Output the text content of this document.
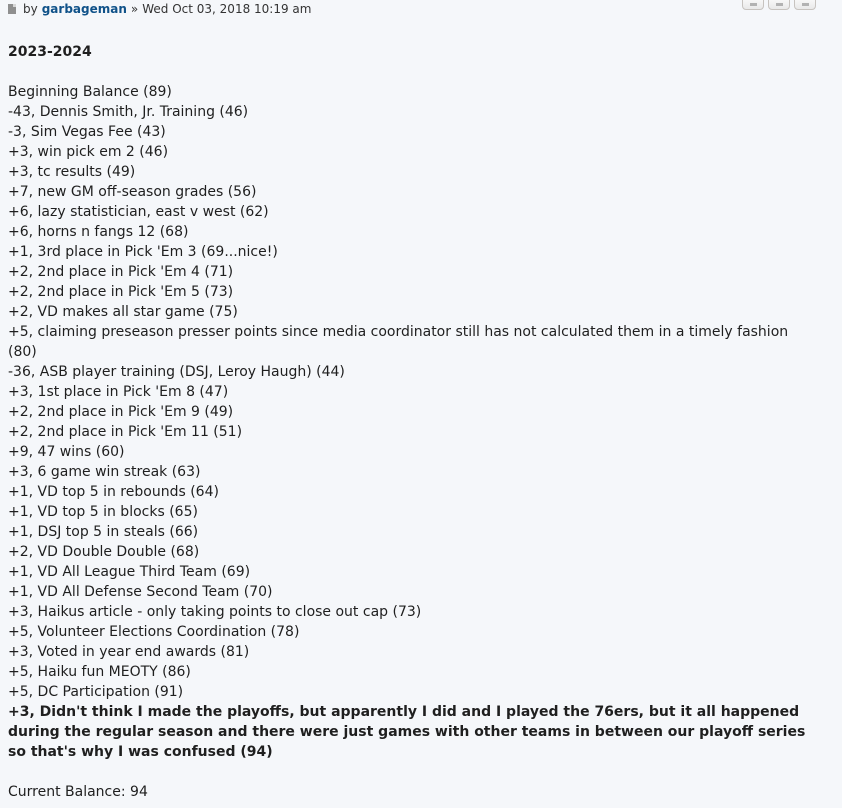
by garbageman » Wed Oct 03, 2018 10:19 am
2023-2024
Beginning Balance (89)
-43, Dennis Smith, Jr. Training (46)
-3, Sim Vegas Fee (43)
+3, win pick em 2 (46)
+3, tc results (49)
+7, new GM off-season grades (56)
+6, lazy statistician, east v west (62)
+6, horns n fangs 12 (68)
+1, 3rd place in Pick 'Em 3 (69...nice!)
+2, 2nd place in Pick 'Em 4 (71)
+2, 2nd place in Pick 'Em 5 (73)
+2, VD makes all star game (75)
+5, claiming preseason presser points since media coordinator still has not calculated them in a timely fashion (80)
-36, ASB player training (DSJ, Leroy Haugh) (44)
+3, 1st place in Pick 'Em 8 (47)
+2, 2nd place in Pick 'Em 9 (49)
+2, 2nd place in Pick 'Em 11 (51)
+9, 47 wins (60)
+3, 6 game win streak (63)
+1, VD top 5 in rebounds (64)
+1, VD top 5 in blocks (65)
+1, DSJ top 5 in steals (66)
+2, VD Double Double (68)
+1, VD All League Third Team (69)
+1, VD All Defense Second Team (70)
+3, Haikus article - only taking points to close out cap (73)
+5, Volunteer Elections Coordination (78)
+3, Voted in year end awards (81)
+5, Haiku fun MEOTY (86)
+5, DC Participation (91)
+3, Didn't think I made the playoffs, but apparently I did and I played the 76ers, but it all happened during the regular season and there were just games with other teams in between our playoff series so that's why I was confused (94)
Current Balance: 94
